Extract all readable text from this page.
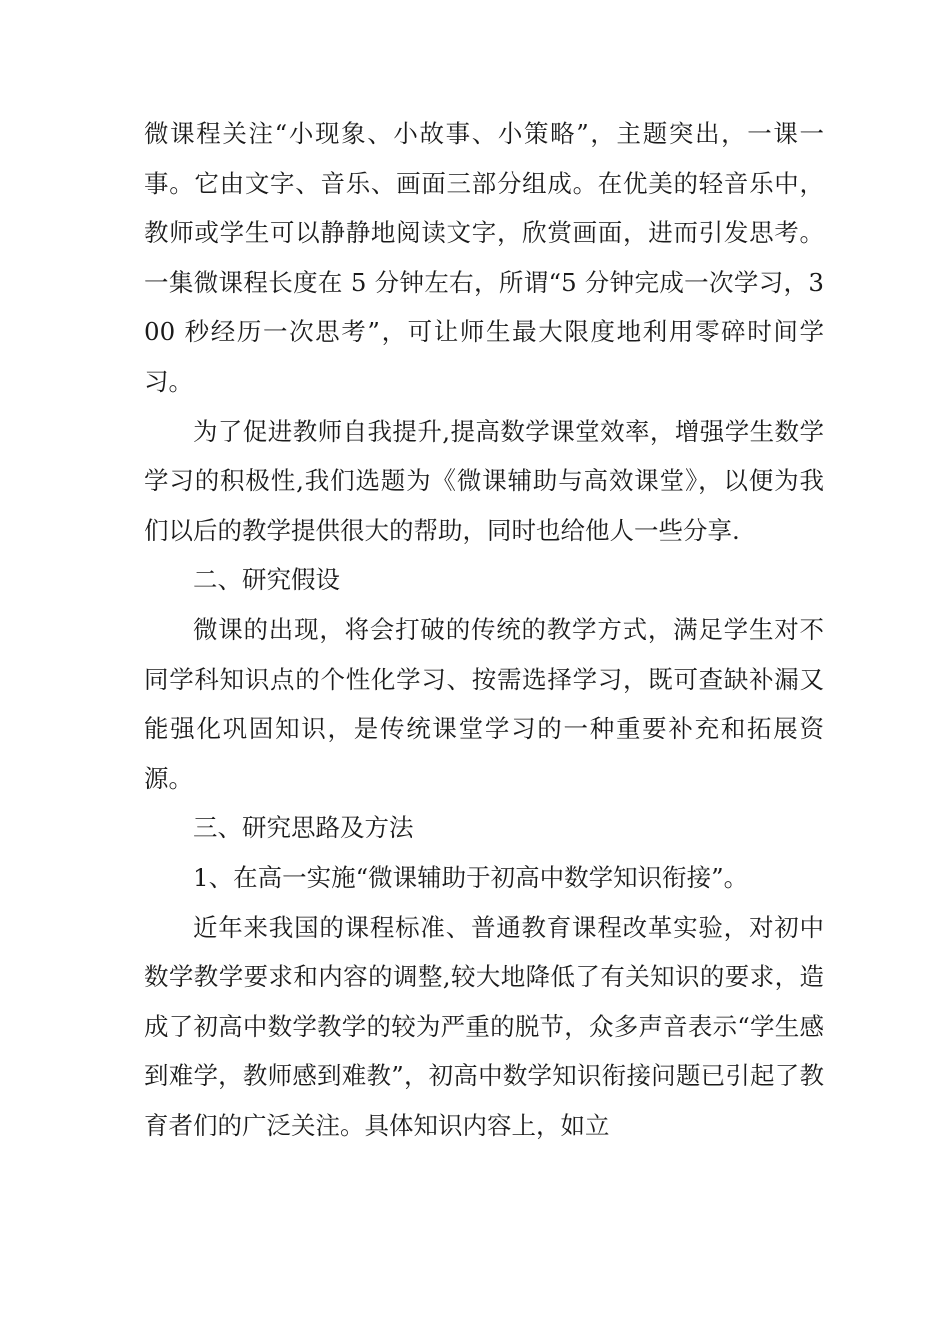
微课程关注“小现象、小故事、小策略”，主题突出，一课一事。它由文字、音乐、画面三部分组成。在优美的轻音乐中，教师或学生可以静静地阅读文字，欣赏画面，进而引发思考。一集微课程长度在 5 分钟左右，所谓“5 分钟完成一次学习，300 秒经历一次思考”，可让师生最大限度地利用零碎时间学习。

为了促进教师自我提升,提高数学课堂效率，增强学生数学学习的积极性,我们选题为《微课辅助与高效课堂》，以便为我们以后的教学提供很大的帮助，同时也给他人一些分享.

二、研究假设

微课的出现，将会打破的传统的教学方式，满足学生对不同学科知识点的个性化学习、按需选择学习，既可查缺补漏又能强化巩固知识，是传统课堂学习的一种重要补充和拓展资源。

三、研究思路及方法

1、在高一实施“微课辅助于初高中数学知识衔接”。

近年来我国的课程标准、普通教育课程改革实验，对初中数学教学要求和内容的调整,较大地降低了有关知识的要求，造成了初高中数学教学的较为严重的脱节，众多声音表示“学生感到难学，教师感到难教”，初高中数学知识衔接问题已引起了教育者们的广泛关注。具体知识内容上，如立
